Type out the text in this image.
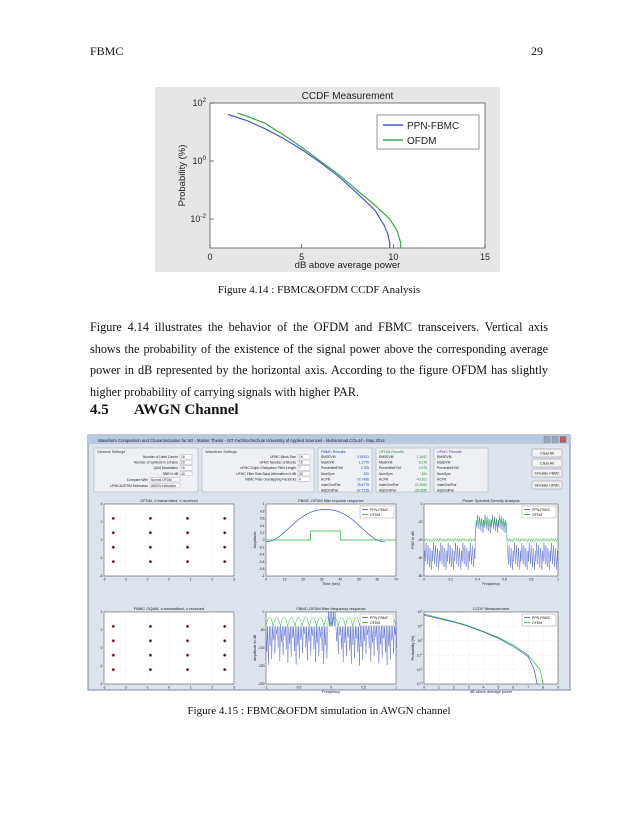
FBMC	29
CCDF Measurement
0	5	10	15
$10^2$
$10^0$
$10^{-2}$
dB above average power
Probability (%)
PPN-FBMC
OFDM
Figure 4.14 : FBMC&OFDM CCDF Analysis
Figure 4.14 illustrates the behavior of the OFDM and FBMC transceivers. Vertical axis shows the probability of the existence of the signal power above the corresponding average power in dB represented by the horizontal axis. According to the figure OFDM has slightly higher probability of carrying signals with higher PAR.
4.5 AWGN Channel
Waveform Comparison and Characterization for 5G - Master Thesis - IST Fachhochschule University of Applied Sciences - Muhammad COL44 - May 2014
General Settings
Number of Used Carrier 16
Number of symbols in a frame 20
QAM Modulation 16
SNR in dB 40
Compare With Normal OFDM
UFMC&OFDM Estimation AWGN estimation
Waveform Settings
UFMC Block Size 16
UFMC Number of Blocks 16
UFMC Dolph-Chebyshev Filter Length 7
UFMC Filter Side Band Attenuation in dB 30
FBMC Filter Overlapping Factor(K) 4
FBMC Results
RMSEVM	0.01921
MaxEVM	1.2775
PercentileEVM	0.705
NumSym	320
ACPR	-72.7486
mainChnlPwr	39.4779
AdjChnlPwr	-37.7715
OFDM Results
RMSEVM	1.1642
MaxEVM	0.176
PercentileEVM	2.075
NumSym	320
ACPR	-43.611
mainChnlPwr	22.3062
AdjChnlPwr	-28.3355
UFMC Results
RMSEVM
MaxEVM
PercentileEVM
NumSym
ACPR
mainChnlPwr
AdjChnlPwr
Clear All
Clear All
Simulate FBMC
Simulate UFMC
OFDM, o transmitted, x received
-3	-2	-1	0	1	2	3
4
2
0
-2
-4
FBMC OQAM, o transmitted, x received
-3	-2	-1	0	1	2	3
4
2
0
-2
-4
FBMC-OFDM filter impulse response
Time (sec)
Amplitude
0	10	20	30	40	50	60	70
1
0.8
0.6
0.4
0.2
0
-0.2
-0.4
-0.6
-0.8
-1
PPN-FBMC
OFDM
FBMC-OFDM filter frequency response
Frequency
Amplitude in dB
-1	-0.5	0	0.5	1
0
-50
-100
-150
-200
PPN-FBMC
OFDM
Power Spectral Density Analysis
Frequency
PSD in dB
0	0.2	0.4	0.6	0.8	1
0
-20
-40
-60
-80
PPN-FBMC
OFDM
CCDF Measurement
dB above average power
Probability (%)
0	1	2	3	4	5	6	7	8	9
$10^2$
$10^1$
$10^0$
$10^{-1}$
$10^{-2}$
$10^{-3}$
PPN-FBMC
OFDM
Figure 4.15 : FBMC&OFDM simulation in AWGN channel
